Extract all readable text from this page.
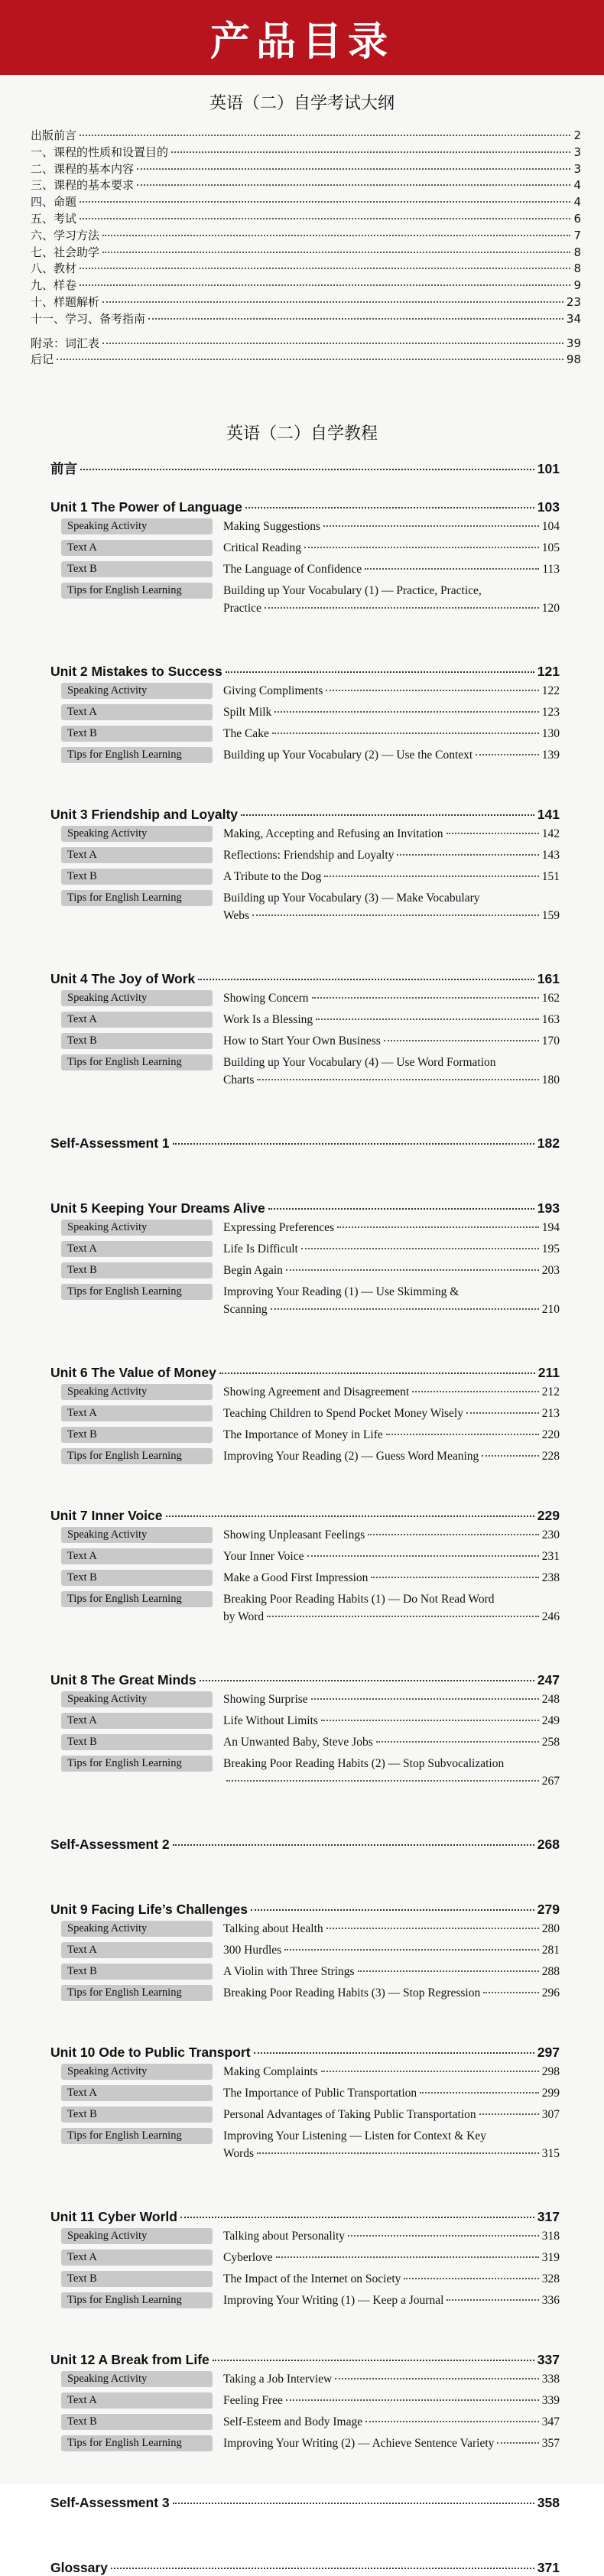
产品目录
英语（二）自学考试大纲
出版前言	2
一、课程的性质和设置目的	3
二、课程的基本内容	3
三、课程的基本要求	4
四、命题	4
五、考试	6
六、学习方法	7
七、社会助学	8
八、教材	8
九、样卷	9
十、样题解析	23
十一、学习、备考指南	34
附录：词汇表	39
后记	98
英语（二）自学教程
前言	101
Unit 1 The Power of Language	103
Speaking Activity	Making Suggestions	104
Text A	Critical Reading	105
Text B	The Language of Confidence	113
Tips for English Learning	Building up Your Vocabulary (1) — Practice, Practice,
Practice	120
Unit 2 Mistakes to Success	121
Speaking Activity	Giving Compliments	122
Text A	Spilt Milk	123
Text B	The Cake	130
Tips for English Learning	Building up Your Vocabulary (2) — Use the Context	139
Unit 3 Friendship and Loyalty	141
Speaking Activity	Making, Accepting and Refusing an Invitation	142
Text A	Reflections: Friendship and Loyalty	143
Text B	A Tribute to the Dog	151
Tips for English Learning	Building up Your Vocabulary (3) — Make Vocabulary
Webs	159
Unit 4 The Joy of Work	161
Speaking Activity	Showing Concern	162
Text A	Work Is a Blessing	163
Text B	How to Start Your Own Business	170
Tips for English Learning	Building up Your Vocabulary (4) — Use Word Formation
Charts	180
Self-Assessment 1	182
Unit 5 Keeping Your Dreams Alive	193
Speaking Activity	Expressing Preferences	194
Text A	Life Is Difficult	195
Text B	Begin Again	203
Tips for English Learning	Improving Your Reading (1) — Use Skimming &
Scanning	210
Unit 6 The Value of Money	211
Speaking Activity	Showing Agreement and Disagreement	212
Text A	Teaching Children to Spend Pocket Money Wisely	213
Text B	The Importance of Money in Life	220
Tips for English Learning	Improving Your Reading (2) — Guess Word Meaning	228
Unit 7 Inner Voice	229
Speaking Activity	Showing Unpleasant Feelings	230
Text A	Your Inner Voice	231
Text B	Make a Good First Impression	238
Tips for English Learning	Breaking Poor Reading Habits (1) — Do Not Read Word
by Word	246
Unit 8 The Great Minds	247
Speaking Activity	Showing Surprise	248
Text A	Life Without Limits	249
Text B	An Unwanted Baby, Steve Jobs	258
Tips for English Learning	Breaking Poor Reading Habits (2) — Stop Subvocalization
267
Self-Assessment 2	268
Unit 9 Facing Life’s Challenges	279
Speaking Activity	Talking about Health	280
Text A	300 Hurdles	281
Text B	A Violin with Three Strings	288
Tips for English Learning	Breaking Poor Reading Habits (3) — Stop Regression	296
Unit 10 Ode to Public Transport	297
Speaking Activity	Making Complaints	298
Text A	The Importance of Public Transportation	299
Text B	Personal Advantages of Taking Public Transportation	307
Tips for English Learning	Improving Your Listening — Listen for Context & Key
Words	315
Unit 11 Cyber World	317
Speaking Activity	Talking about Personality	318
Text A	Cyberlove	319
Text B	The Impact of the Internet on Society	328
Tips for English Learning	Improving Your Writing (1) — Keep a Journal	336
Unit 12 A Break from Life	337
Speaking Activity	Taking a Job Interview	338
Text A	Feeling Free	339
Text B	Self-Esteem and Body Image	347
Tips for English Learning	Improving Your Writing (2) — Achieve Sentence Variety	357
Self-Assessment 3	358
Glossary	371
